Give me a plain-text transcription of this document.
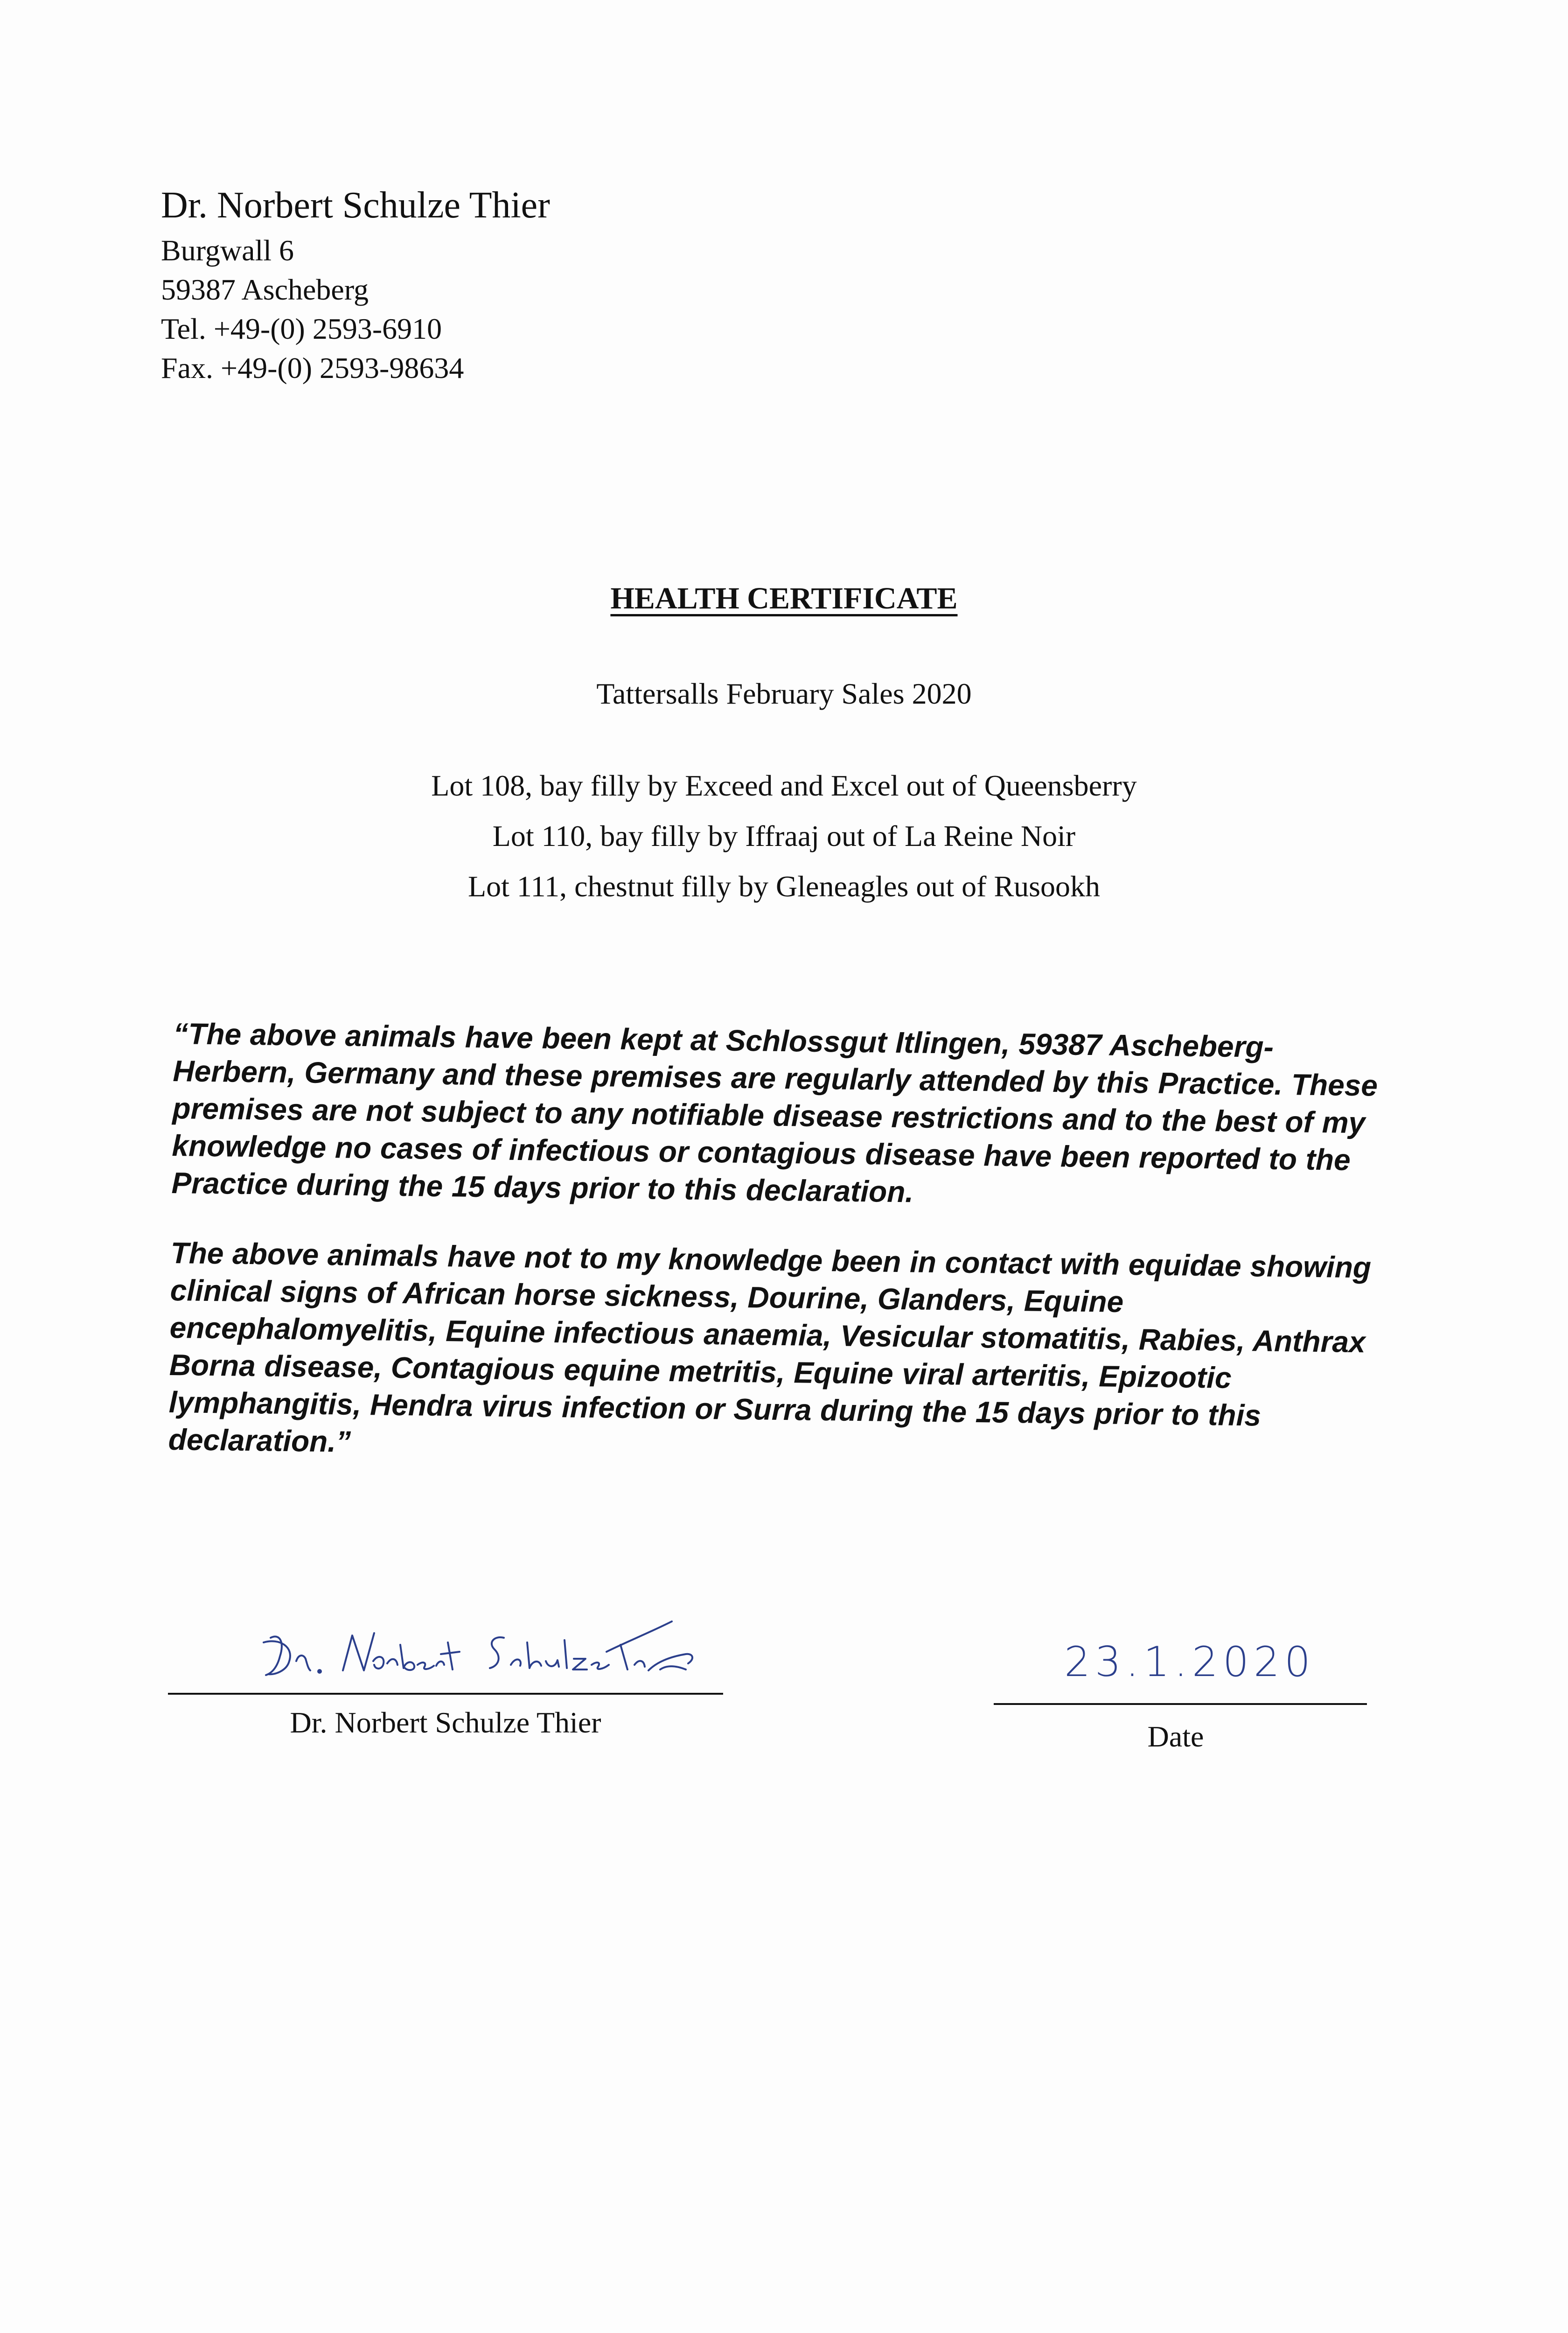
Dr. Norbert Schulze Thier
Burgwall 6
59387 Ascheberg
Tel. +49-(0) 2593-6910
Fax. +49-(0) 2593-98634
HEALTH CERTIFICATE
Tattersalls February Sales 2020
Lot 108, bay filly by Exceed and Excel out of Queensberry
Lot 110, bay filly by Iffraaj out of La Reine Noir
Lot 111, chestnut filly by Gleneagles out of Rusookh

“The above animals have been kept at Schlossgut Itlingen, 59387 Ascheberg-Herbern, Germany and these premises are regularly attended by this Practice. These premises are not subject to any notifiable disease restrictions and to the best of my knowledge no cases of infectious or contagious disease have been reported to the Practice during the 15 days prior to this declaration.

The above animals have not to my knowledge been in contact with equidae showing clinical signs of African horse sickness, Dourine, Glanders, Equine encephalomyelitis, Equine infectious anaemia, Vesicular stomatitis, Rabies, Anthrax Borna disease, Contagious equine metritis, Equine viral arteritis, Epizootic lymphangitis, Hendra virus infection or Surra during the 15 days prior to this declaration.”

Dr. Norbert Schulze Thier
23.1.2020
Date
